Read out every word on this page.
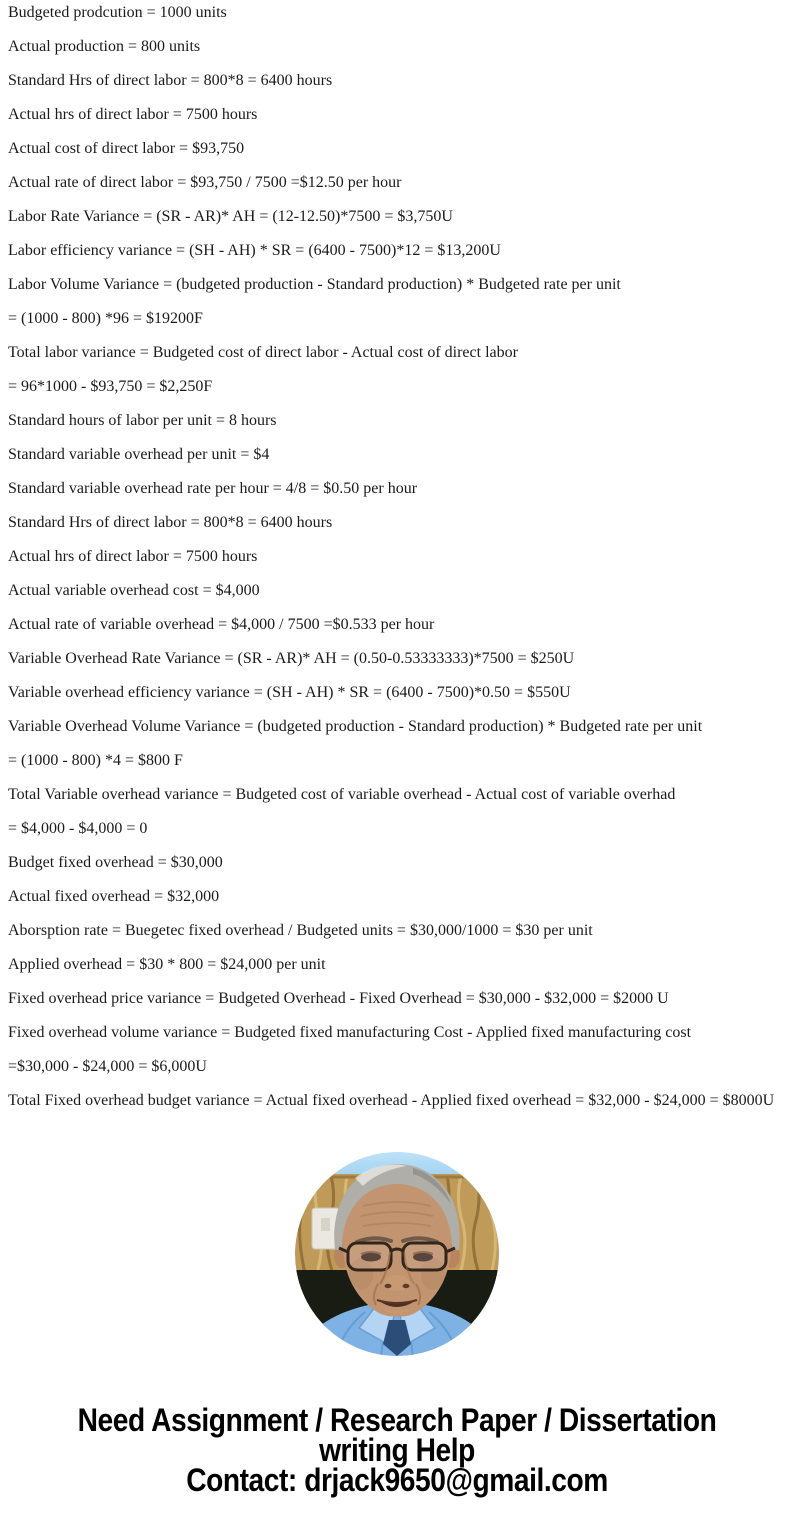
Budgeted prodcution = 1000 units

Actual production = 800 units

Standard Hrs of direct labor = 800*8 = 6400 hours

Actual hrs of direct labor = 7500 hours

Actual cost of direct labor = $93,750

Actual rate of direct labor = $93,750 / 7500 =$12.50 per hour

Labor Rate Variance = (SR - AR)* AH = (12-12.50)*7500 = $3,750U

Labor efficiency variance = (SH - AH) * SR = (6400 - 7500)*12 = $13,200U

Labor Volume Variance = (budgeted production - Standard production) * Budgeted rate per unit

= (1000 - 800) *96 = $19200F

Total labor variance = Budgeted cost of direct labor - Actual cost of direct labor

= 96*1000 - $93,750 = $2,250F

Standard hours of labor per unit = 8 hours

Standard variable overhead per unit = $4

Standard variable overhead rate per hour = 4/8 = $0.50 per hour

Standard Hrs of direct labor = 800*8 = 6400 hours

Actual hrs of direct labor = 7500 hours

Actual variable overhead cost = $4,000

Actual rate of variable overhead = $4,000 / 7500 =$0.533 per hour

Variable Overhead Rate Variance = (SR - AR)* AH = (0.50-0.53333333)*7500 = $250U

Variable overhead efficiency variance = (SH - AH) * SR = (6400 - 7500)*0.50 = $550U

Variable Overhead Volume Variance = (budgeted production - Standard production) * Budgeted rate per unit

= (1000 - 800) *4 = $800 F

Total Variable overhead variance = Budgeted cost of variable overhead - Actual cost of variable overhad

= $4,000 - $4,000 = 0

Budget fixed overhead = $30,000

Actual fixed overhead = $32,000

Aborsption rate = Buegetec fixed overhead / Budgeted units = $30,000/1000 = $30 per unit

Applied overhead = $30 * 800 = $24,000 per unit

Fixed overhead price variance = Budgeted Overhead - Fixed Overhead = $30,000 - $32,000 = $2000 U

Fixed overhead volume variance = Budgeted fixed manufacturing Cost - Applied fixed manufacturing cost

=$30,000 - $24,000 = $6,000U

Total Fixed overhead budget variance = Actual fixed overhead - Applied fixed overhead = $32,000 - $24,000 = $8000U

Need Assignment / Research Paper / Dissertation
writing Help
Contact: drjack9650@gmail.com
